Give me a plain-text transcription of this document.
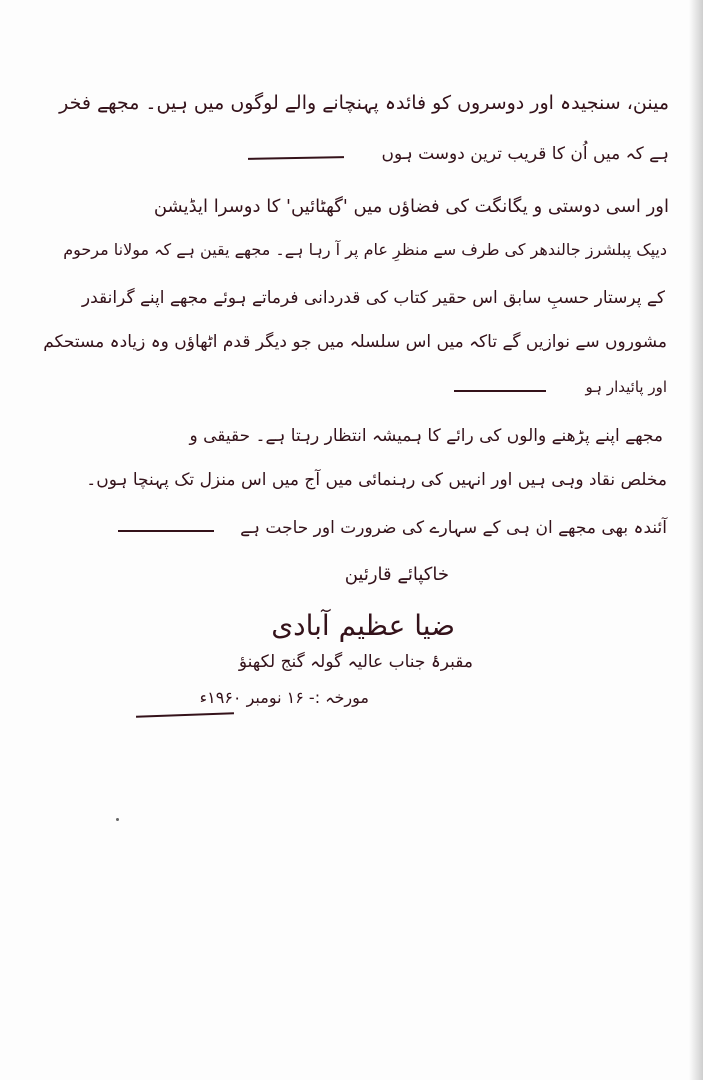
مینن، سنجیدہ اور دوسروں کو فائدہ پہنچانے والے لوگوں میں ہیں۔ مجھے فخر
ہے کہ میں اُن کا قریب ترین دوست ہوں
اور اسی دوستی و یگانگت کی فضاؤں میں 'گھٹائیں' کا دوسرا ایڈیشن
دیپک پبلشرز جالندھر کی طرف سے منظرِ عام پر آ رہا ہے۔ مجھے یقین ہے کہ مولانا مرحوم
کے پرستار حسبِ سابق اس حقیر کتاب کی قدردانی فرماتے ہوئے مجھے اپنے گرانقدر
مشوروں سے نوازیں گے تاکہ میں اس سلسلہ میں جو دیگر قدم اٹھاؤں وہ زیادہ مستحکم
اور پائیدار ہو
مجھے اپنے پڑھنے والوں کی رائے کا ہمیشہ انتظار رہتا ہے۔ حقیقی و
مخلص نقاد وہی ہیں اور انہیں کی رہنمائی میں آج میں اس منزل تک پہنچا ہوں۔
آئندہ بھی مجھے ان ہی کے سہارے کی ضرورت اور حاجت ہے
خاکپائے قارئین
ضیا عظیم آبادی
مقبرۂ جناب عالیہ گولہ گنج لکھنؤ
مورخہ :- ۱۶ نومبر ۱۹۶۰ء
